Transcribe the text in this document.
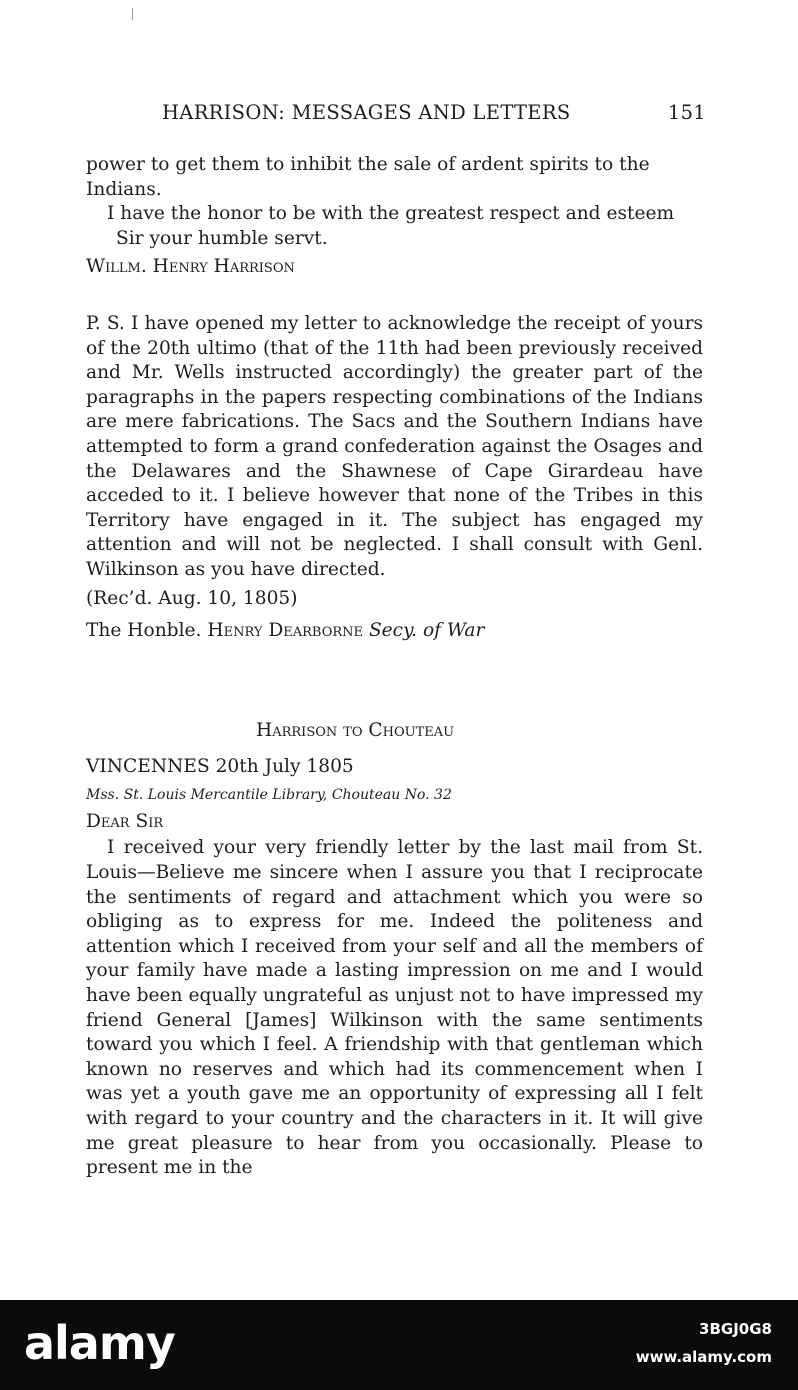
HARRISON: MESSAGES AND LETTERS	151

power to get them to inhibit the sale of ardent spirits to the

Indians.

I have the honor to be with the greatest respect and esteem

Sir your humble servt.

Willm. Henry Harrison

P. S. I have opened my letter to acknowledge the receipt of yours of the 20th ultimo (that of the 11th had been previously received and Mr. Wells instructed accordingly) the greater part of the paragraphs in the papers respecting combinations of the Indians are mere fabrications. The Sacs and the Southern Indians have attempted to form a grand confederation against the Osages and the Delawares and the Shawnese of Cape Girardeau have acceded to it. I believe however that none of the Tribes in this Territory have engaged in it. The subject has engaged my attention and will not be neglected. I shall consult with Genl. Wilkinson as you have directed.

(Rec’d. Aug. 10, 1805)

The Honble. Henry Dearborne Secy. of War

Harrison to Chouteau

VINCENNES 20th July 1805

Mss. St. Louis Mercantile Library, Chouteau No. 32

Dear Sir

I received your very friendly letter by the last mail from St. Louis—Believe me sincere when I assure you that I reciprocate the sentiments of regard and attachment which you were so obliging as to express for me. Indeed the politeness and attention which I received from your self and all the members of your family have made a lasting impression on me and I would have been equally ungrateful as unjust not to have impressed my friend General [James] Wilkinson with the same sentiments toward you which I feel. A friendship with that gentleman which known no reserves and which had its commencement when I was yet a youth gave me an opportunity of expressing all I felt with regard to your country and the characters in it. It will give me great pleasure to hear from you occasionally. Please to present me in the

alamy	3BGJ0G8
www.alamy.com
